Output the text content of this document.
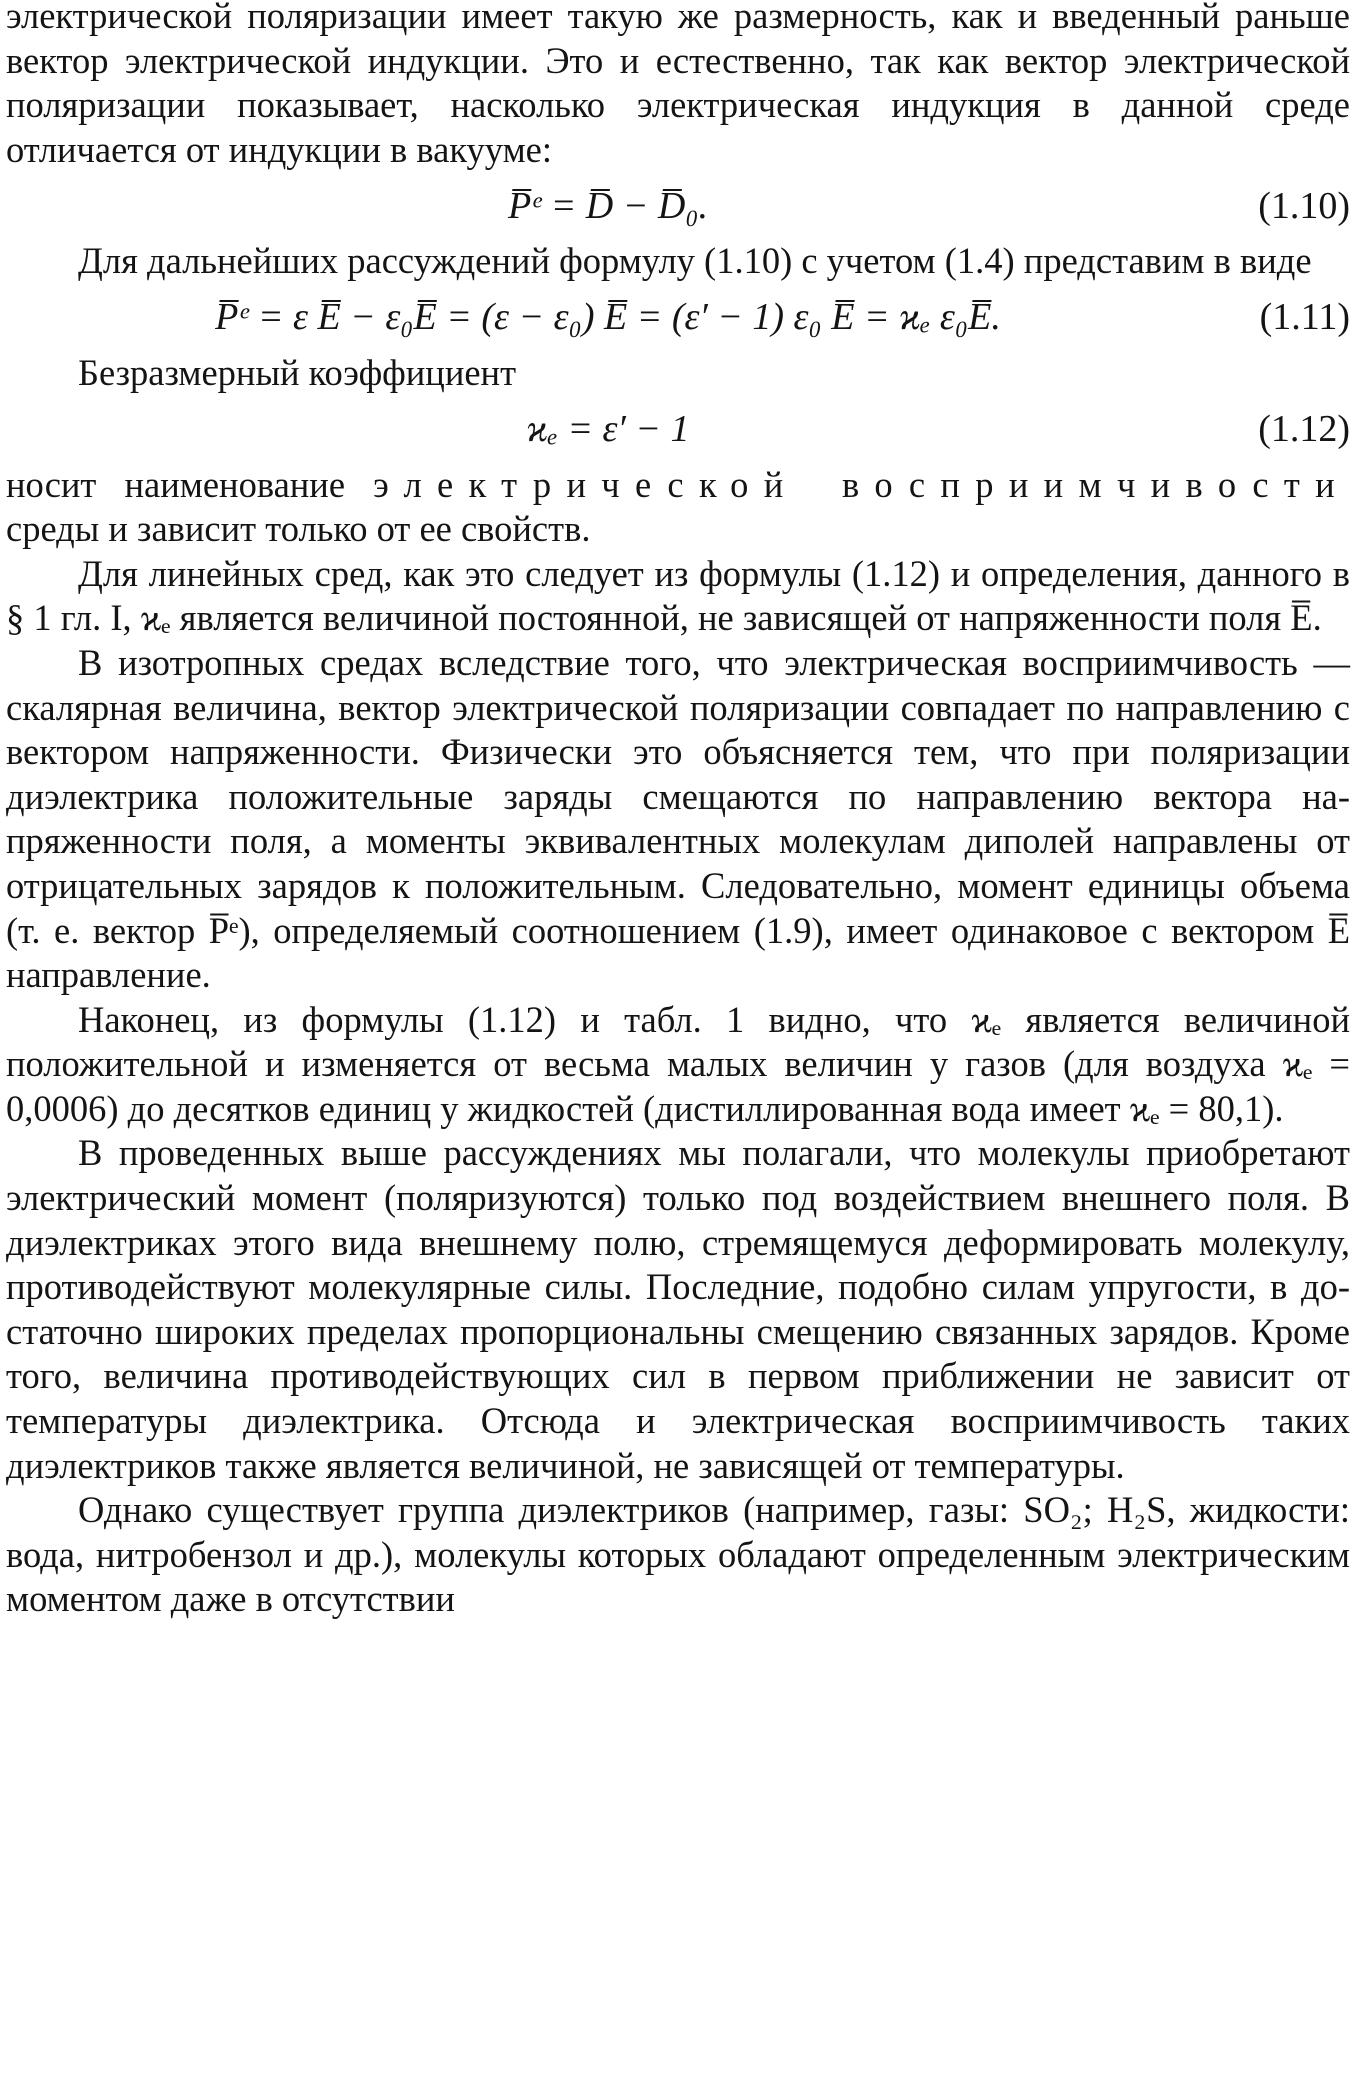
электрической поляризации имеет такую же размерность, как и введенный раньше вектор электрической индукции. Это и естественно, так как вектор электрической поляризации показывает, насколько электрическая индукция в данной среде отличается от индукции в вакууме:

P̅ᵉ = D̅ − D̅₀.	(1.10)

Для дальнейших рассуждений формулу (1.10) с учетом (1.4) представим в виде

P̅ᵉ = ε E̅ − ε₀E̅ = (ε − ε₀) E̅ = (ε′ − 1) ε₀ E̅ = ϰₑ ε₀E̅.	(1.11)

Безразмерный коэффициент

ϰₑ = ε′ − 1	(1.12)

носит наименование электрической восприимчивости среды и зависит только от ее свойств.

Для линейных сред, как это следует из формулы (1.12) и определения, данного в § 1 гл. I, ϰₑ является величиной постоянной, не зависящей от напряженности поля E̅.

В изотропных средах вследствие того, что электрическая восприимчивость — скалярная величина, вектор электрической поляризации совпадает по направлению с вектором напряженности. Физически это объясняется тем, что при поляризации диэлектрика положительные заряды смещаются по направлению вектора напряженности поля, а моменты эквивалентных молекулам диполей направлены от отрицательных зарядов к положительным. Следовательно, момент единицы объема (т. е. вектор P̅ᵉ), определяемый соотношением (1.9), имеет одинаковое с вектором E̅ направление.

Наконец, из формулы (1.12) и табл. 1 видно, что ϰₑ является величиной положительной и изменяется от весьма малых величин у газов (для воздуха ϰₑ = 0,0006) до десятков единиц у жидкостей (дистиллированная вода имеет ϰₑ = 80,1).

В проведенных выше рассуждениях мы полагали, что молекулы приобретают электрический момент (поляризуются) только под воздействием внешнего поля. В диэлектриках этого вида внешнему полю, стремящемуся деформировать молекулу, противодействуют молекулярные силы. Последние, подобно силам упругости, в достаточно широких пределах пропорциональны смещению связанных зарядов. Кроме того, величина противодействующих сил в первом приближении не зависит от температуры диэлектрика. Отсюда и электрическая восприимчивость таких диэлектриков также является величиной, не зависящей от температуры.

Однако существует группа диэлектриков (например, газы: SO₂; H₂S, жидкости: вода, нитробензол и др.), молекулы которых обладают определенным электрическим моментом даже в отсутствии
